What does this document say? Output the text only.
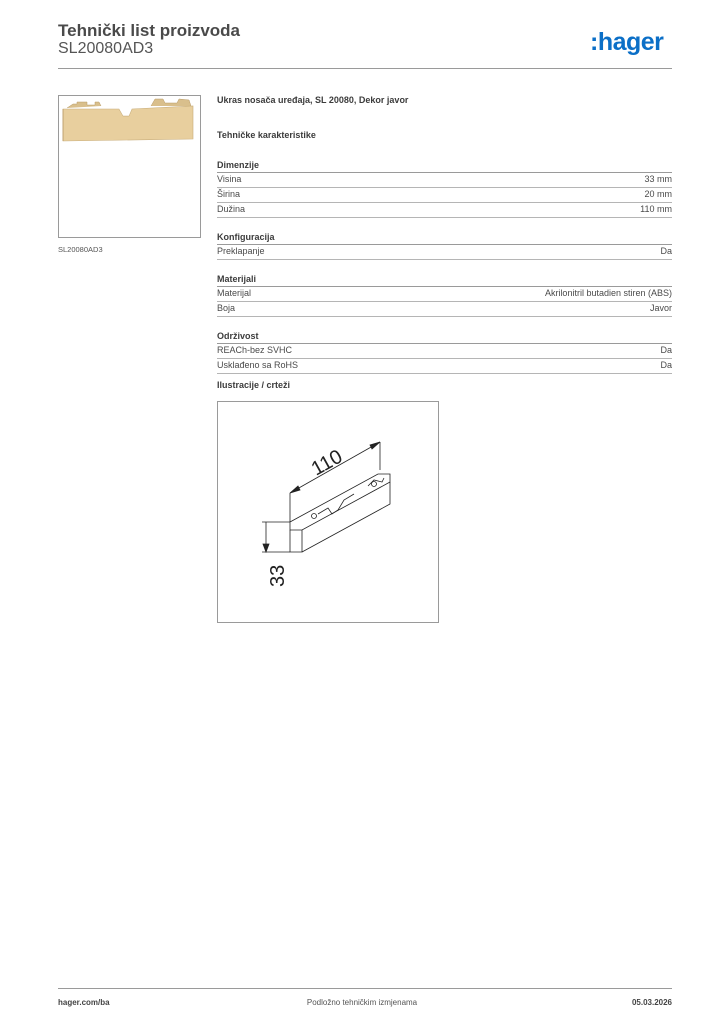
Tehnički list proizvoda
SL20080AD3	:hager
SL20080AD3

Ukras nosača uređaja, SL 20080, Dekor javor

Tehničke karakteristike

Dimenzije
Visina	33 mm
Širina	20 mm
Dužina	110 mm
Konfiguracija
Preklapanje	Da
Materijali
Materijal	Akrilonitril butadien stiren (ABS)
Boja	Javor
Održivost
REACh-bez SVHC	Da
Usklađeno sa RoHS	Da
Ilustracije / crteži
110
33
hager.com/ba	Podložno tehničkim izmjenama	05.03.2026
